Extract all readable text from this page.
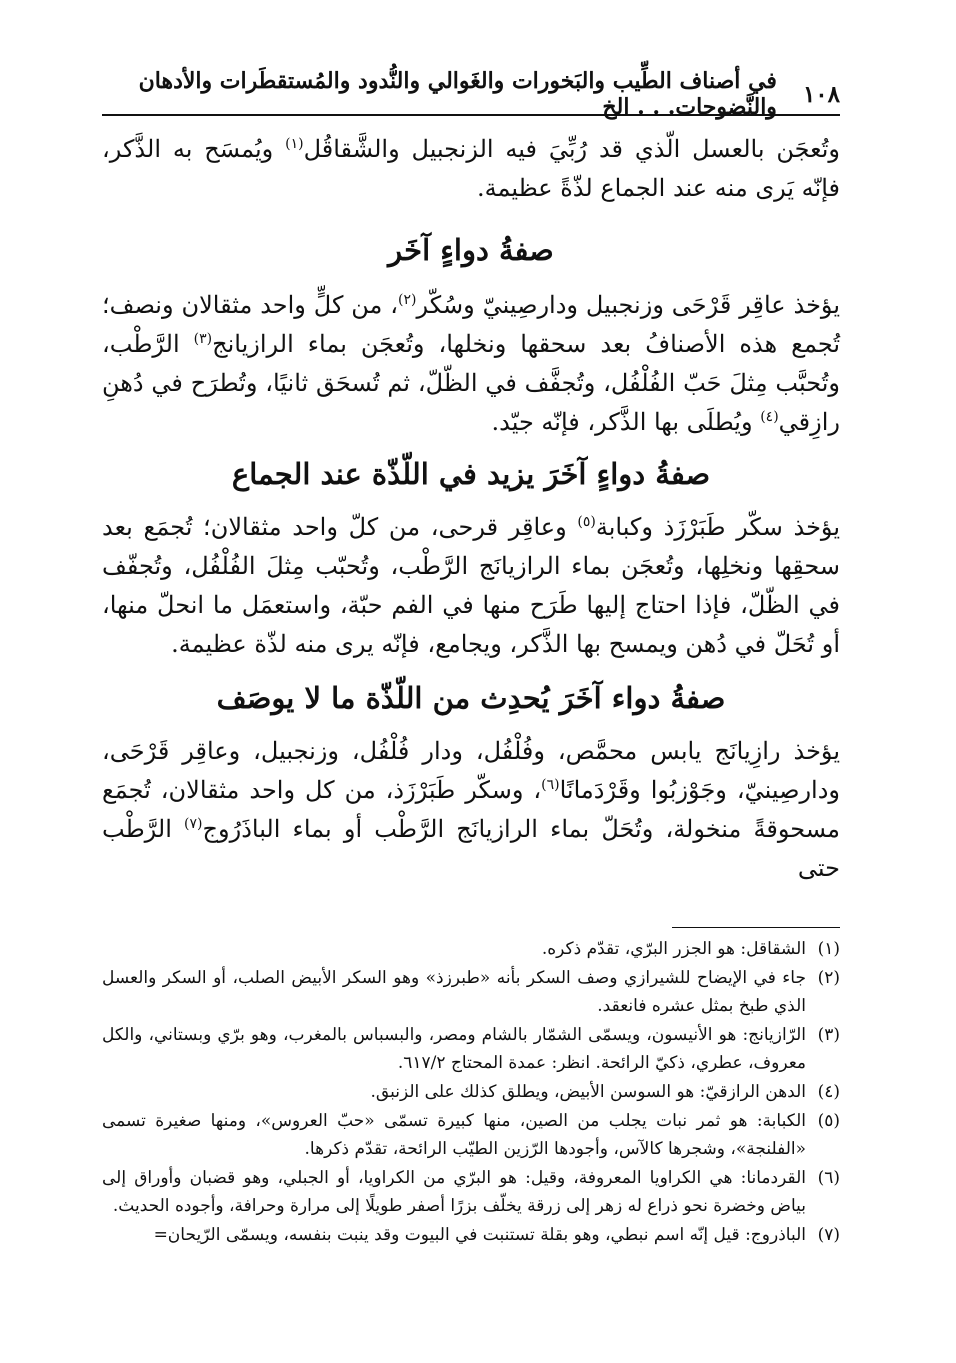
١٠٨
في أصناف الطِّيب والبَخورات والغَوالي والنُّدود والمُستقطَرات والأدهان والنَّضوحات. . . الخ

وتُعجَن بالعسل الّذي قد رُبِّيَ فيه الزنجبيل والشَّقاقُل$^{(١)}$ ويُمسَح به الذَّكر، فإنّه يَرى منه عند الجماع لذّةً عظيمة.

صفةُ دواءٍ آخَر

يؤخذ عاقِر قَرْحَى وزنجبيل ودارصِينيّ وسُكّر$^{(٢)}$، من كلٍّ واحد مثقالان ونصف؛ تُجمع هذه الأصنافُ بعد سحقها ونخلها، وتُعجَن بماء الرازيانج$^{(٣)}$ الرَّطْب، وتُحبَّب مِثلَ حَبّ الفُلْفُل، وتُجفَّف في الظّلّ، ثم تُسحَق ثانيًا، وتُطرَح في دُهنِ رازِقي$^{(٤)}$ ويُطلَى بها الذَّكر، فإنّه جيّد.

صفةُ دواءٍ آخَرَ يزيد في اللّذّة عند الجماع

يؤخذ سكّر طَبَرْزَذ وكبابة$^{(٥)}$ وعاقِر قرحى، من كلّ واحد مثقالان؛ تُجمَع بعد سحقِها ونخلِها، وتُعجَن بماء الرازيانَج الرَّطْب، وتُحبّب مِثلَ الفُلْفُل، وتُجفّف في الظّلّ، فإذا احتاج إليها طَرَح منها في الفم حبّة، واستعمَل ما انحلّ منها، أو تُحَلّ في دُهن ويمسح بها الذَّكر، ويجامع، فإنّه يرى منه لذّة عظيمة.

صفةُ دواء آخَرَ يُحدِث من اللّذّة ما لا يوصَف

يؤخذ رازِيانَج يابس محمَّص، وفُلْفُل، ودار فُلْفُل، وزنجبيل، وعاقِر قَرْحَى، ودارصِينيّ، وجَوْزبُوا وقَرْدَمانًا$^{(٦)}$، وسكّر طَبَرْزَذ، من كل واحد مثقالان، تُجمَع مسحوقةً منخولة، وتُحَلّ بماء الرازيانَج الرَّطْب أو بماء الباذَرُوج$^{(٧)}$ الرَّطْب حتى

(١)
الشقاقل: هو الجزر البرّي، تقدّم ذكره.
(٢)
جاء في الإيضاح للشيرازي وصف السكر بأنه «طبرزذ» وهو السكر الأبيض الصلب، أو السكر والعسل الذي طبخ بمثل عشره فانعقد.
(٣)
الرّازيانج: هو الأنيسون، ويسمّى الشمّار بالشام ومصر، والبسباس بالمغرب، وهو برّي وبستاني، والكل معروف، عطري، ذكيّ الرائحة. انظر: عمدة المحتاج ٦١٧/٢.
(٤)
الدهن الرازقيّ: هو السوسن الأبيض، ويطلق كذلك على الزنبق.
(٥)
الكبابة: هو ثمر نبات يجلب من الصين، منها كبيرة تسمّى «حبّ العروس»، ومنها صغيرة تسمى «الفلنجة»، وشجرها كالآس، وأجودها الرّزين الطيّب الرائحة، تقدّم ذكرها.
(٦)
القردمانا: هي الكراويا المعروفة، وقيل: هو البرّي من الكراويا، أو الجبلي، وهو قضبان وأوراق إلى بياض وخضرة نحو ذراع له زهر إلى زرقة يخلّف بزرًا أصفر طويلًا إلى مرارة وحرافة، وأجوده الحديث.
(٧)
الباذروج: قيل إنّه اسم نبطي، وهو بقلة تستنبت في البيوت وقد ينبت بنفسه، ويسمّى الرّيحان=
